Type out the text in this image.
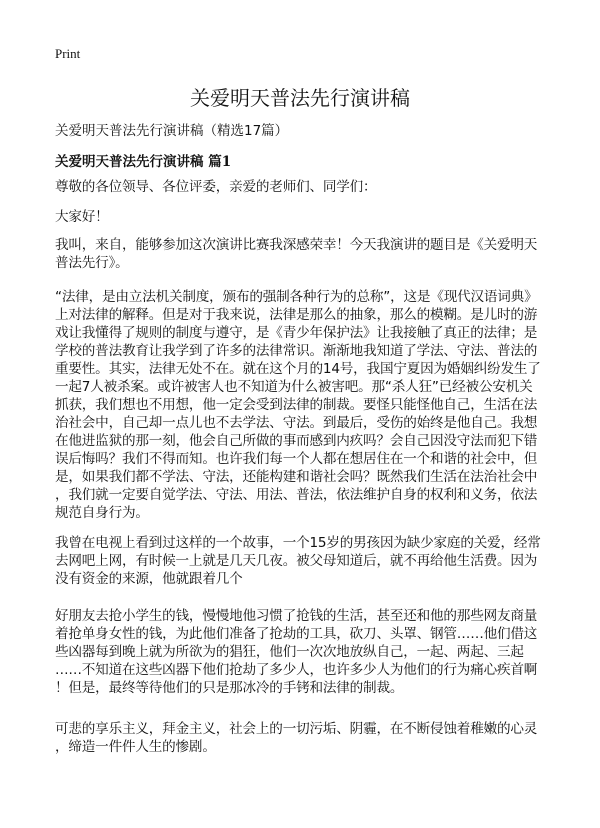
Print
关爱明天普法先行演讲稿
关爱明天普法先行演讲稿（精选17篇）
关爱明天普法先行演讲稿 篇1
尊敬的各位领导、各位评委，亲爱的老师们、同学们：
大家好！
我叫，来自，能够参加这次演讲比赛我深感荣幸！今天我演讲的题目是《关爱明天
普法先行》。
“法律，是由立法机关制度，颁布的强制各种行为的总称”，这是《现代汉语词典》
上对法律的解释。但是对于我来说，法律是那么的抽象，那么的模糊。是儿时的游
戏让我懂得了规则的制度与遵守，是《青少年保护法》让我接触了真正的法律；是
学校的普法教育让我学到了许多的法律常识。渐渐地我知道了学法、守法、普法的
重要性。其实，法律无处不在。就在这个月的14号，我国宁夏因为婚姻纠纷发生了
一起7人被杀案。或许被害人也不知道为什么被害吧。那“杀人狂”已经被公安机关
抓获，我们想也不用想，他一定会受到法律的制裁。要怪只能怪他自己，生活在法
治社会中，自己却一点儿也不去学法、守法。到最后，受伤的始终是他自己。我想
在他进监狱的那一刻，他会自己所做的事而感到内疚吗？会自己因没守法而犯下错
误后悔吗？我们不得而知。也许我们每一个人都在想居住在一个和谐的社会中，但
是，如果我们都不学法、守法，还能构建和谐社会吗？既然我们生活在法治社会中
，我们就一定要自觉学法、守法、用法、普法，依法维护自身的权利和义务，依法
规范自身行为。
我曾在电视上看到过这样的一个故事，一个15岁的男孩因为缺少家庭的关爱，经常
去网吧上网，有时候一上就是几天几夜。被父母知道后，就不再给他生活费。因为
没有资金的来源，他就跟着几个
好朋友去抢小学生的钱，慢慢地他习惯了抢钱的生活，甚至还和他的那些网友商量
着抢单身女性的钱，为此他们准备了抢劫的工具，砍刀、头罩、钢管……他们借这
些凶器每到晚上就为所欲为的猖狂，他们一次次地放纵自己，一起、两起、三起
……不知道在这些凶器下他们抢劫了多少人，也许多少人为他们的行为痛心疾首啊
！但是，最终等待他们的只是那冰冷的手铐和法律的制裁。
可悲的享乐主义，拜金主义，社会上的一切污垢、阴霾，在不断侵蚀着稚嫩的心灵
，缔造一件件人生的惨剧。
